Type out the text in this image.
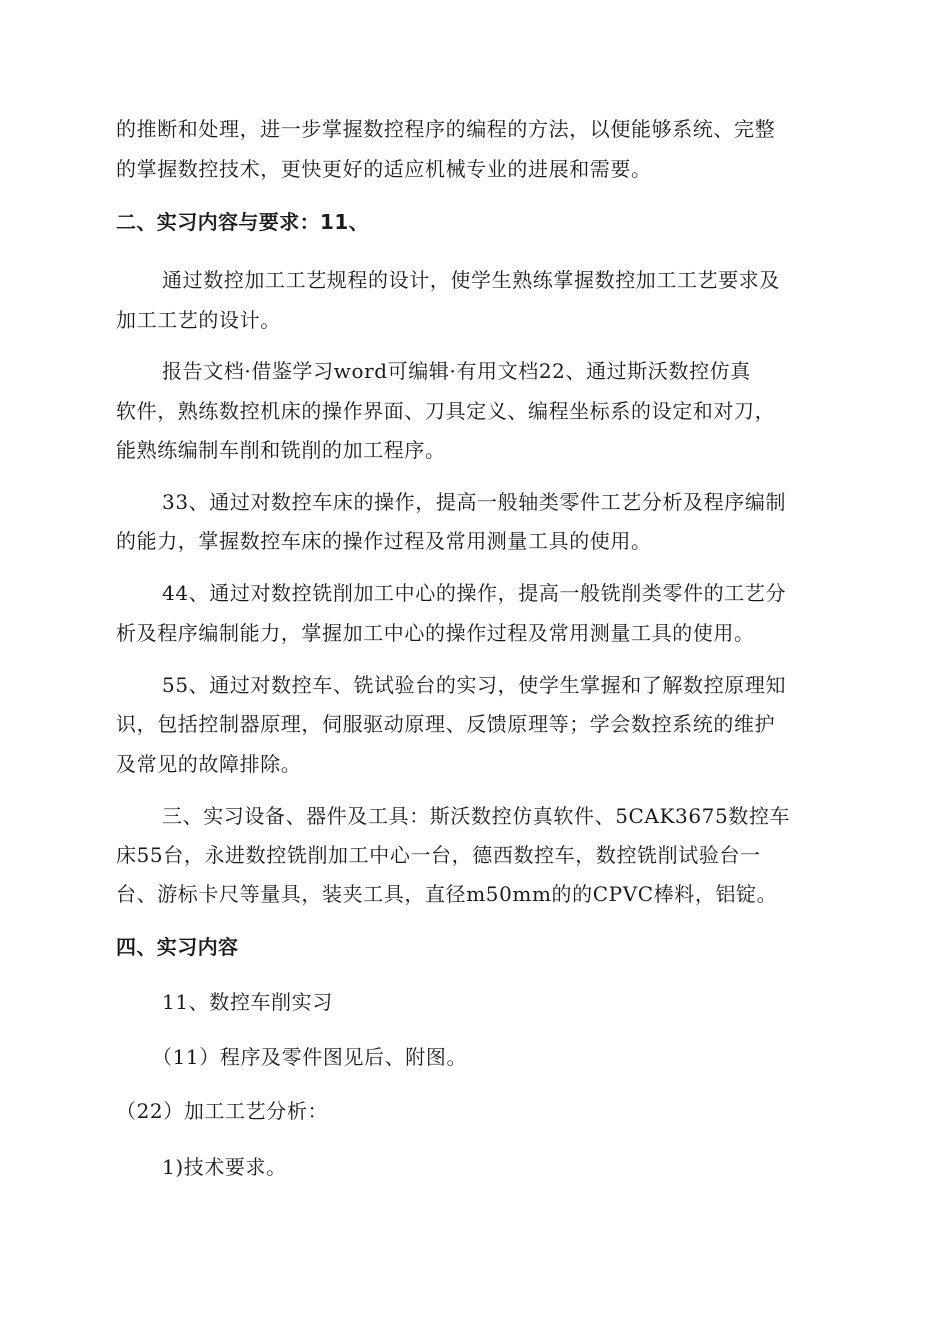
的推断和处理，进一步掌握数控程序的编程的方法，以便能够系统、完整
的掌握数控技术，更快更好的适应机械专业的进展和需要。
二、实习内容与要求：11、
通过数控加工工艺规程的设计，使学生熟练掌握数控加工工艺要求及
加工工艺的设计。
报告文档·借鉴学习word可编辑·有用文档22、通过斯沃数控仿真
软件，熟练数控机床的操作界面、刀具定义、编程坐标系的设定和对刀，
能熟练编制车削和铣削的加工程序。
33、通过对数控车床的操作，提高一般轴类零件工艺分析及程序编制
的能力，掌握数控车床的操作过程及常用测量工具的使用。
44、通过对数控铣削加工中心的操作，提高一般铣削类零件的工艺分
析及程序编制能力，掌握加工中心的操作过程及常用测量工具的使用。
55、通过对数控车、铣试验台的实习，使学生掌握和了解数控原理知
识，包括控制器原理，伺服驱动原理、反馈原理等；学会数控系统的维护
及常见的故障排除。
三、实习设备、器件及工具：斯沃数控仿真软件、5CAK3675数控车
床55台，永进数控铣削加工中心一台，德西数控车，数控铣削试验台一
台、游标卡尺等量具，装夹工具，直径m50mm的的CPVC棒料，铝锭。
四、实习内容
11、数控车削实习
（11）程序及零件图见后、附图。
（22）加工工艺分析：
1)技术要求。
